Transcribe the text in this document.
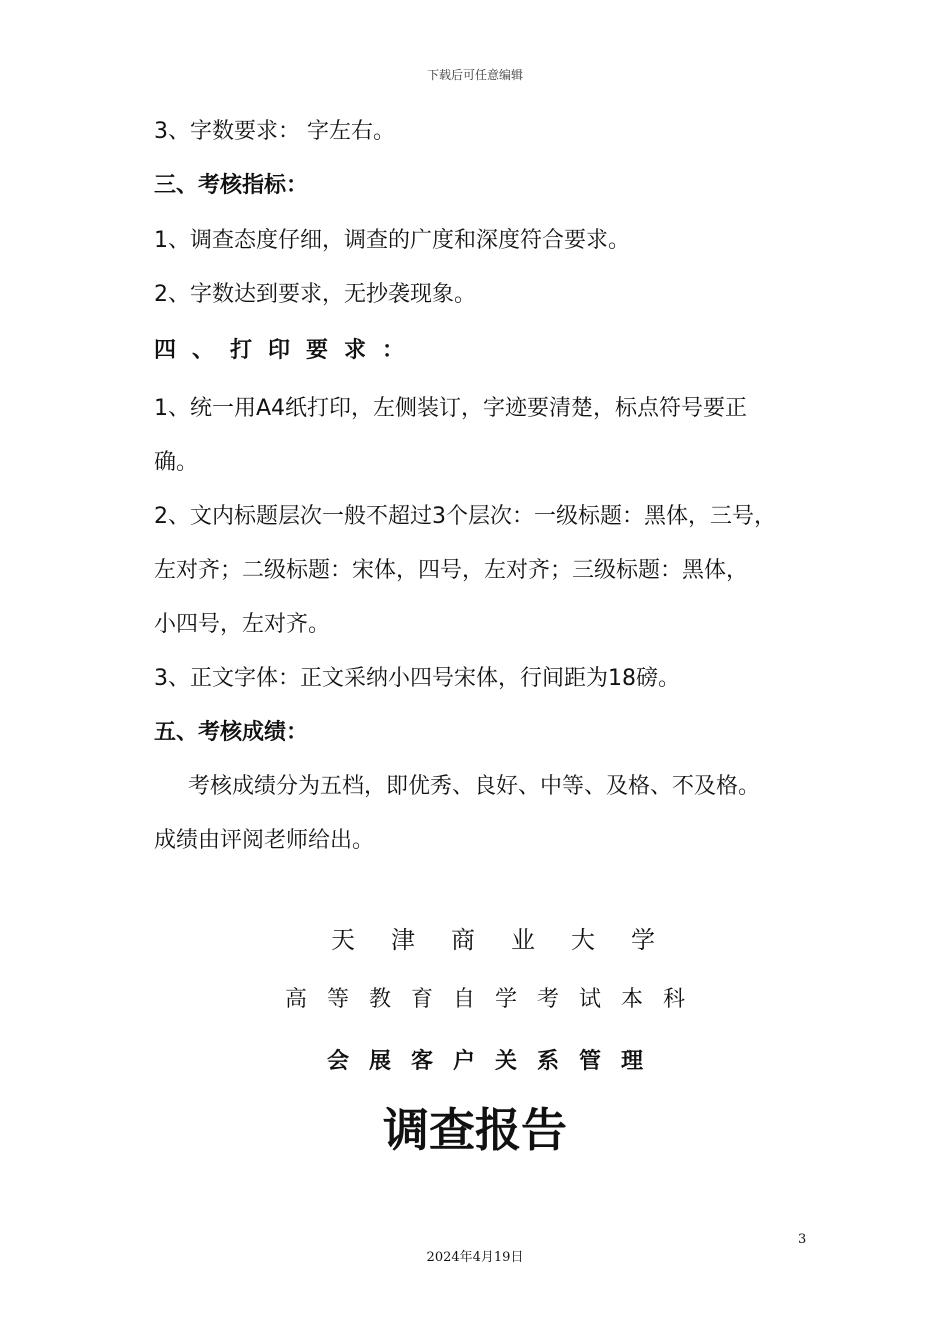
下载后可任意编辑
3、字数要求： 字左右。
三、考核指标：
1、调查态度仔细，调查的广度和深度符合要求。
2、字数达到要求，无抄袭现象。
四、打印要求：
1、统一用A4纸打印，左侧装订，字迹要清楚，标点符号要正
确。
2、文内标题层次一般不超过3个层次：一级标题：黑体，三号，
左对齐；二级标题：宋体，四号，左对齐；三级标题：黑体，
小四号，左对齐。
3、正文字体：正文采纳小四号宋体，行间距为18磅。
五、考核成绩：
考核成绩分为五档，即优秀、良好、中等、及格、不及格。
成绩由评阅老师给出。
天津商业大学
高等教育自学考试本科
会展客户关系管理
调查报告
3
2024年4月19日
